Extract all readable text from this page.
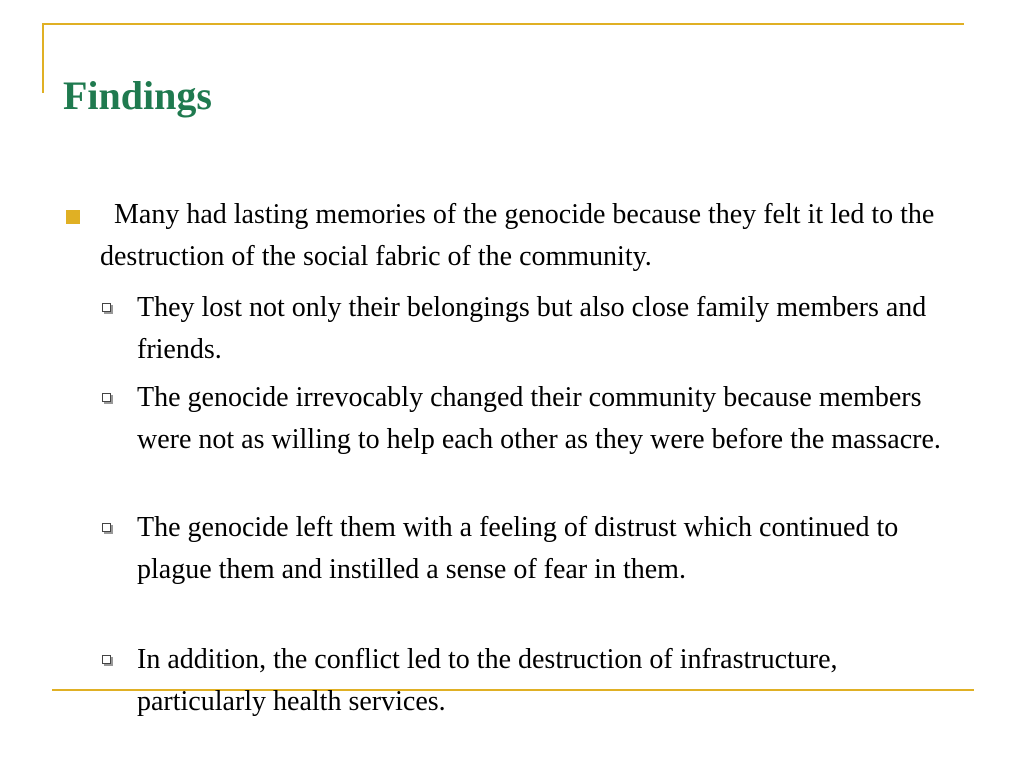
Findings

Many had lasting memories of the genocide because they felt it led to the destruction of the social fabric of the community.

They lost not only their belongings but also close family members and friends.

The genocide irrevocably changed their community because members were not as willing to help each other as they were before the massacre.

The genocide left them with a feeling of distrust which continued to plague them and instilled a sense of fear in them.

In addition, the conflict led to the destruction of infrastructure, particularly health services.
